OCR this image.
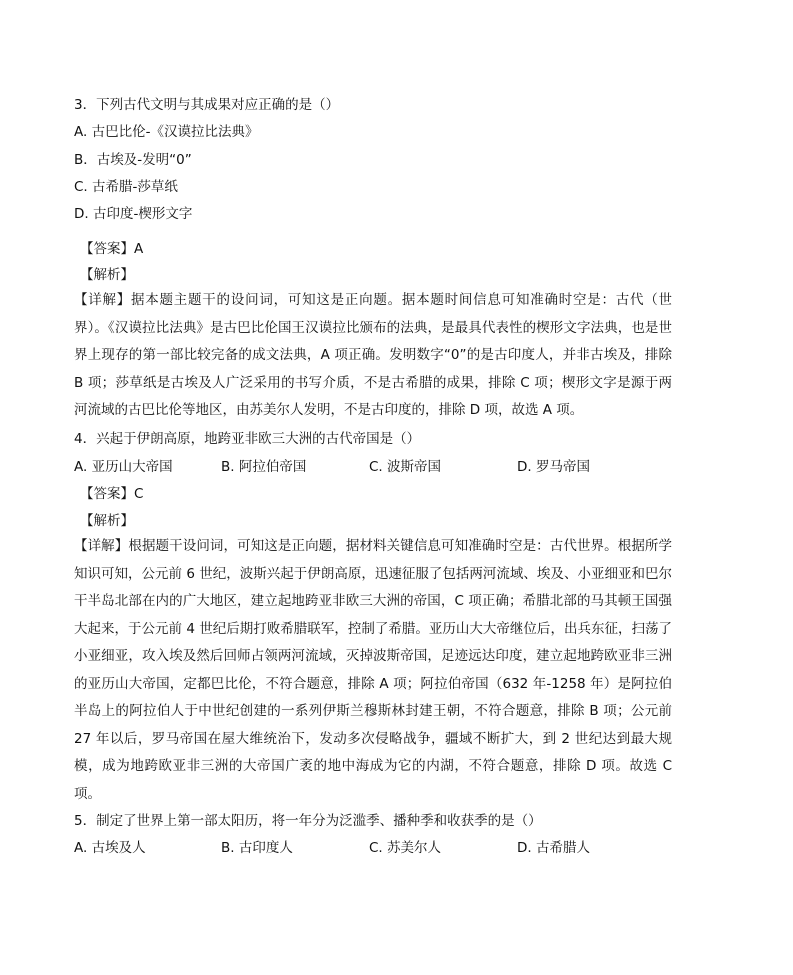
3．下列古代文明与其成果对应正确的是（）
A. 古巴比伦-《汉谟拉比法典》
B．古埃及-发明“0”
C. 古希腊-莎草纸
D. 古印度-楔形文字
【答案】A
【解析】
【详解】据本题主题干的设问词，可知这是正向题。据本题时间信息可知准确时空是：古代（世界）。《汉谟拉比法典》是古巴比伦国王汉谟拉比颁布的法典，是最具代表性的楔形文字法典，也是世界上现存的第一部比较完备的成文法典，A 项正确。发明数字“0”的是古印度人，并非古埃及，排除 B 项；莎草纸是古埃及人广泛采用的书写介质，不是古希腊的成果，排除 C 项；楔形文字是源于两河流域的古巴比伦等地区，由苏美尔人发明，不是古印度的，排除 D 项，故选 A 项。
4．兴起于伊朗高原，地跨亚非欧三大洲的古代帝国是（）
A. 亚历山大帝国	B. 阿拉伯帝国	C. 波斯帝国	D. 罗马帝国
【答案】C
【解析】
【详解】根据题干设问词，可知这是正向题，据材料关键信息可知准确时空是：古代世界。根据所学知识可知，公元前 6 世纪，波斯兴起于伊朗高原，迅速征服了包括两河流域、埃及、小亚细亚和巴尔干半岛北部在内的广大地区，建立起地跨亚非欧三大洲的帝国，C 项正确；希腊北部的马其顿王国强大起来，于公元前 4 世纪后期打败希腊联军，控制了希腊。亚历山大大帝继位后，出兵东征，扫荡了小亚细亚，攻入埃及然后回师占领两河流域，灭掉波斯帝国，足迹远达印度，建立起地跨欧亚非三洲的亚历山大帝国，定都巴比伦，不符合题意，排除 A 项；阿拉伯帝国（632 年-1258 年）是阿拉伯半岛上的阿拉伯人于中世纪创建的一系列伊斯兰穆斯林封建王朝，不符合题意，排除 B 项；公元前 27 年以后，罗马帝国在屋大维统治下，发动多次侵略战争，疆域不断扩大，到 2 世纪达到最大规模，成为地跨欧亚非三洲的大帝国广袤的地中海成为它的内湖，不符合题意，排除 D 项。故选 C 项。
5．制定了世界上第一部太阳历，将一年分为泛滥季、播种季和收获季的是（）
A. 古埃及人	B. 古印度人	C. 苏美尔人	D. 古希腊人
